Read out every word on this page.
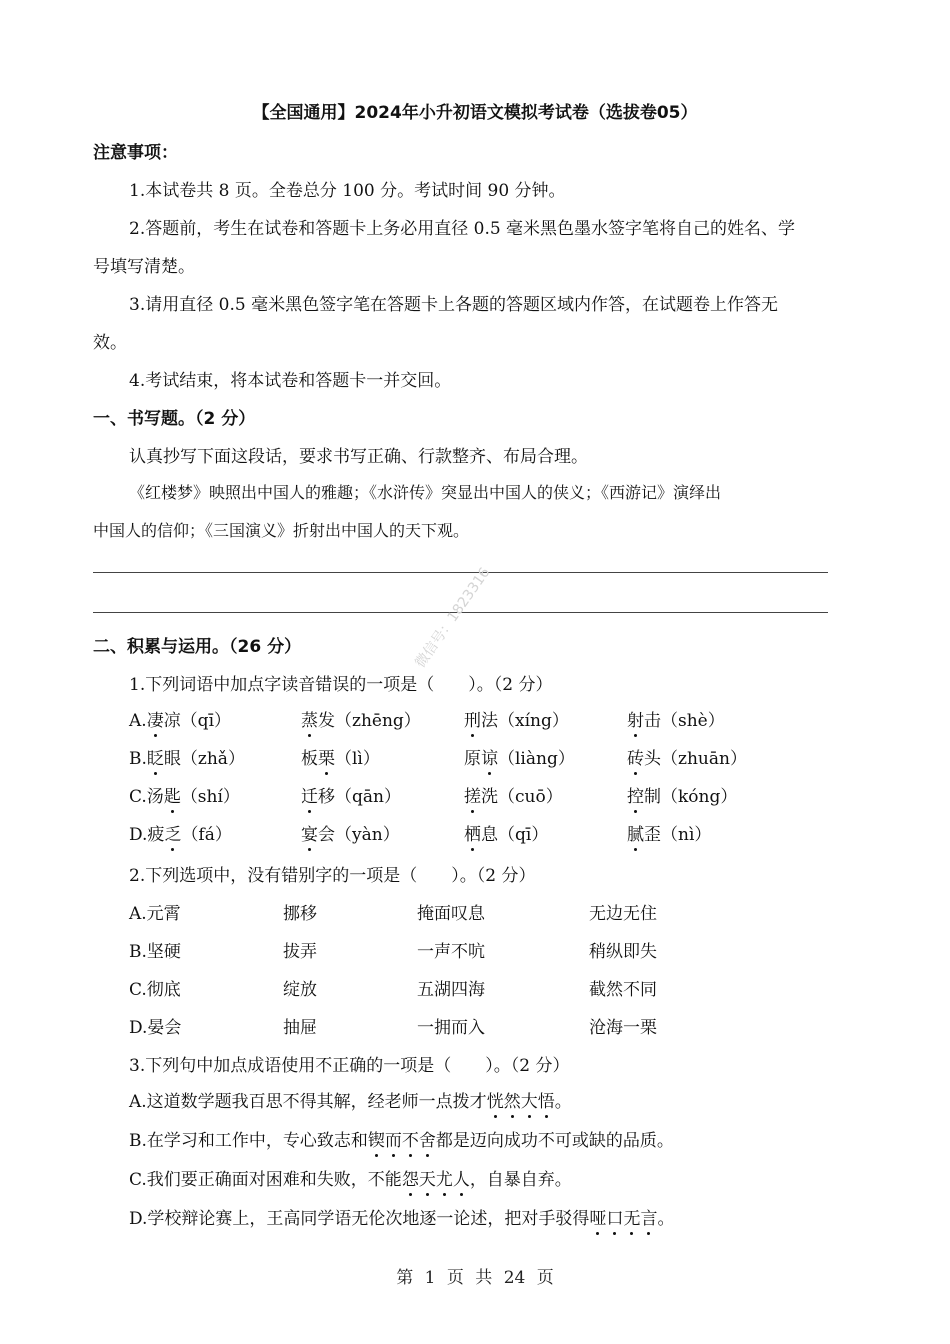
【全国通用】2024年小升初语文模拟考试卷（选拔卷05）
注意事项：
1.本试卷共 8 页。全卷总分 100 分。考试时间 90 分钟。
2.答题前，考生在试卷和答题卡上务必用直径 0.5 毫米黑色墨水签字笔将自己的姓名、学
号填写清楚。
3.请用直径 0.5 毫米黑色签字笔在答题卡上各题的答题区域内作答，在试题卷上作答无
效。
4.考试结束，将本试卷和答题卡一并交回。
一、书写题。（2 分）
认真抄写下面这段话，要求书写正确、行款整齐、布局合理。
《红楼梦》映照出中国人的雅趣；《水浒传》突显出中国人的侠义；《西游记》演绎出
中国人的信仰；《三国演义》折射出中国人的天下观。
二、积累与运用。（26 分）	微信号：1823316
1.下列词语中加点字读音错误的一项是（　　）。（2 分）
A.凄凉（qī）	蒸发（zhēng）	刑法（xíng）	射击（shè）
B.眨眼（zhǎ）	板栗（lì）	原谅（liàng）	砖头（zhuān）
C.汤匙（shí）	迁移（qān）	搓洗（cuō）	控制（kóng）
D.疲乏（fá）	宴会（yàn）	栖息（qī）	腻歪（nì）
2.下列选项中，没有错别字的一项是（　　）。（2 分）
A.元霄	挪移	掩面叹息	无边无住
B.坚硬	拔弄	一声不吭	稍纵即失
C.彻底	绽放	五湖四海	截然不同
D.晏会	抽屉	一拥而入	沧海一栗
3.下列句中加点成语使用不正确的一项是（　　）。（2 分）
A.这道数学题我百思不得其解，经老师一点拨才恍然大悟。
B.在学习和工作中，专心致志和锲而不舍都是迈向成功不可或缺的品质。
C.我们要正确面对困难和失败，不能怨天尤人，自暴自弃。
D.学校辩论赛上，王高同学语无伦次地逐一论述，把对手驳得哑口无言。
第 1 页 共 24 页
